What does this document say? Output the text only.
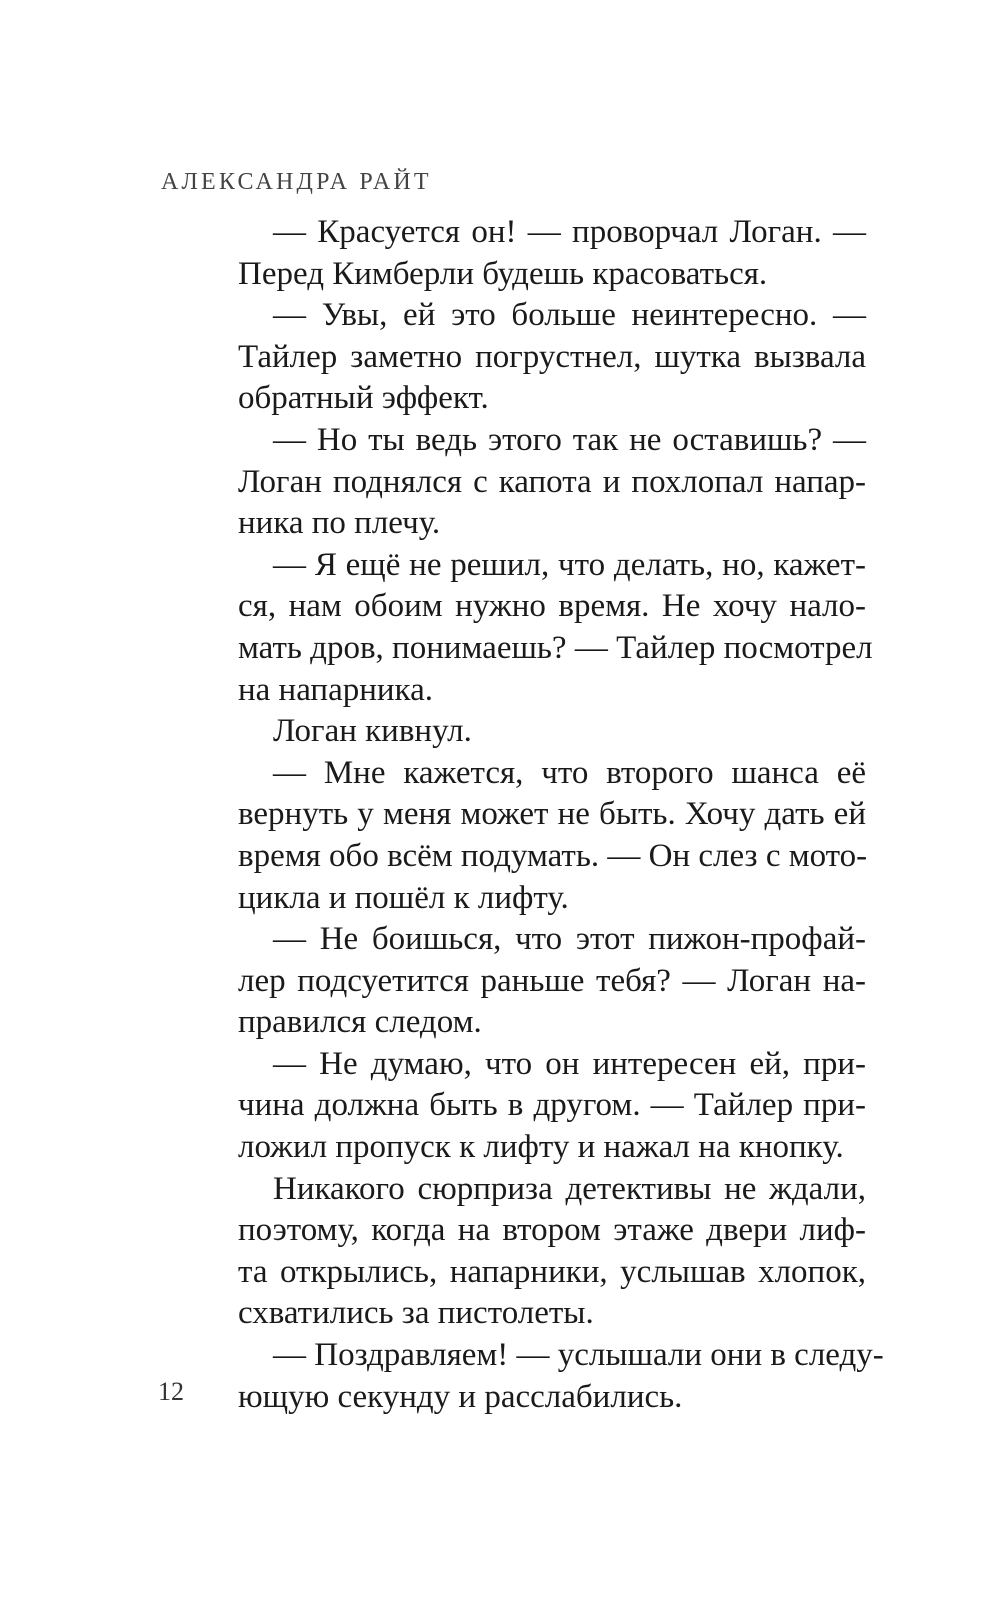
АЛЕКСАНДРА РАЙТ
— Красуется он! — проворчал Логан. —
Перед Кимберли будешь красоваться.
— Увы, ей это больше неинтересно. —
Тайлер заметно погрустнел, шутка вызвала
обратный эффект.
— Но ты ведь этого так не оставишь? —
Логан поднялся с капота и похлопал напар-
ника по плечу.
— Я ещё не решил, что делать, но, кажет-
ся, нам обоим нужно время. Не хочу нало-
мать дров, понимаешь? — Тайлер посмотрел
на напарника.
Логан кивнул.
— Мне кажется, что второго шанса её
вернуть у меня может не быть. Хочу дать ей
время обо всём подумать. — Он слез с мото-
цикла и пошёл к лифту.
— Не боишься, что этот пижон-профай-
лер подсуетится раньше тебя? — Логан на-
правился следом.
— Не думаю, что он интересен ей, при-
чина должна быть в другом. — Тайлер при-
ложил пропуск к лифту и нажал на кнопку.
Никакого сюрприза детективы не ждали,
поэтому, когда на втором этаже двери лиф-
та открылись, напарники, услышав хлопок,
схватились за пистолеты.
— Поздравляем! — услышали они в следу-
ющую секунду и расслабились.
12
